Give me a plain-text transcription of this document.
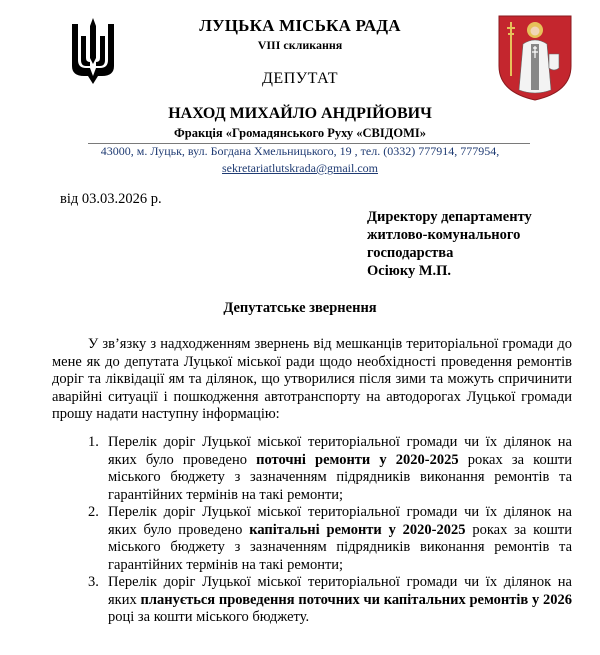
ЛУЦЬКА МІСЬКА РАДА
VIII скликання
ДЕПУТАТ
НАХОД МИХАЙЛО АНДРІЙОВИЧ
Фракція «Громадянського Руху «СВІДОМІ»
43000, м. Луцьк, вул. Богдана Хмельницького, 19 , тел. (0332) 777914, 777954,
sekretariatlutskrada@gmail.com
від 03.03.2026 р.
Директору департаменту
житлово-комунального
господарства
Осіюку М.П.
Депутатське звернення
У зв’язку з надходженням звернень від мешканців територіальної громади до мене як до депутата Луцької міської ради щодо необхідності проведення ремонтів доріг та ліквідації ям та ділянок, що утворилися після зими та можуть спричинити аварійні ситуації і пошкодження автотранспорту на автодорогах Луцької громади прошу надати наступну інформацію:
1. Перелік доріг Луцької міської територіальної громади чи їх ділянок на яких було проведено поточні ремонти у 2020-2025 роках за кошти міського бюджету з зазначенням підрядників виконання ремонтів та гарантійних термінів на такі ремонти;
2. Перелік доріг Луцької міської територіальної громади чи їх ділянок на яких було проведено капітальні ремонти у 2020-2025 роках за кошти міського бюджету з зазначенням підрядників виконання ремонтів та гарантійних термінів на такі ремонти;
3. Перелік доріг Луцької міської територіальної громади чи їх ділянок на яких планується проведення поточних чи капітальних ремонтів у 2026 році за кошти міського бюджету.
